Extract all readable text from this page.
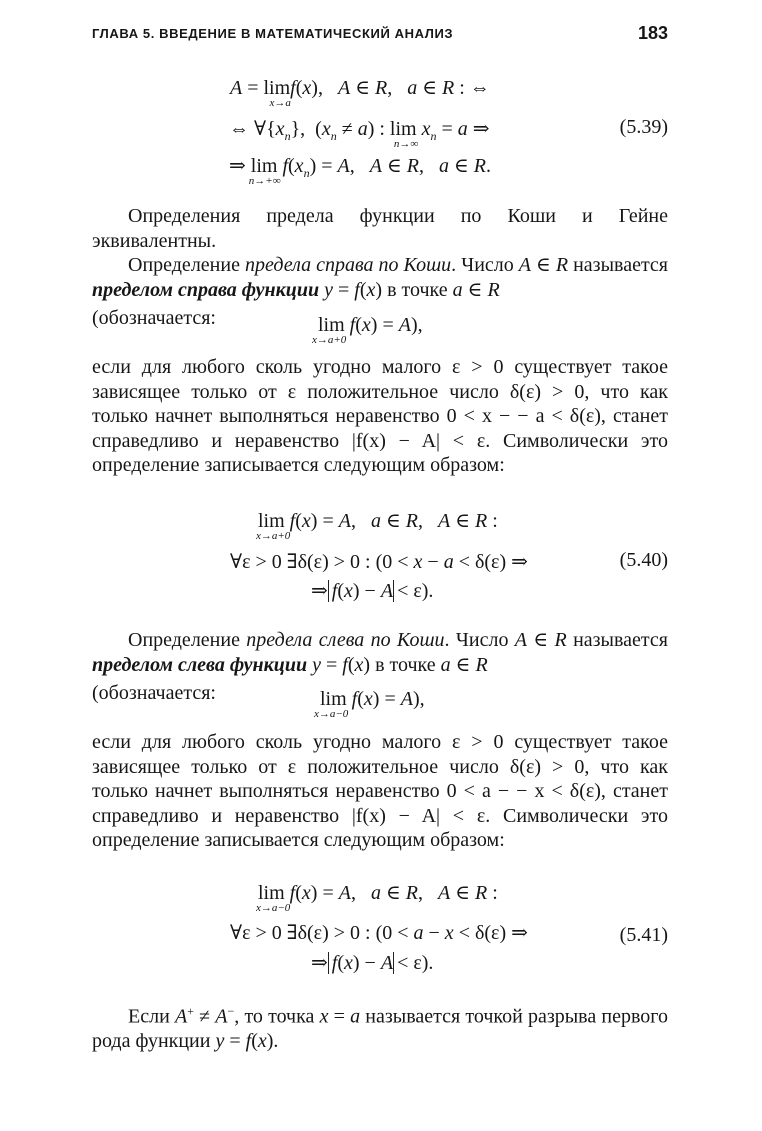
ГЛАВА 5. ВВЕДЕНИЕ В МАТЕМАТИЧЕСКИЙ АНАЛИЗ	183
A = lim
x→a
f(x),   A ∈ R,   a ∈ R : ⇔
⇔ $\forall\{x_n\}$,  $(x_n \ne a)$ : lim
n→∞
$x_n = a$ ⇒	(5.39)
⇒ lim
n→+∞
$f(x_n) = A$,   A ∈ R,   a ∈ R.
Определения предела функции по Коши и Гейне эквивалентны.
Определение предела справа по Коши. Число A ∈ R называется пределом справа функции y = f(x) в точке a ∈ R
(обозначается:	lim
x→a+0
f(x) = A),
если для любого сколь угодно малого ε > 0 существует такое зависящее только от ε положительное число δ(ε) > 0, что как только начнет выполняться неравенство 0 < x − − a < δ(ε), станет справедливо и неравенство |f(x) − A| < ε. Символически это определение записывается следующим образом:
lim
x→a+0
f(x) = A,   a ∈ R,   A ∈ R :
∀ε > 0 ∃δ(ε) > 0 : (0 < x − a < δ(ε) ⇒	(5.40)
⇒ f(x) − A < ε).
Определение предела слева по Коши. Число A ∈ R называется пределом слева функции y = f(x) в точке a ∈ R
(обозначается:	lim
x→a−0
f(x) = A),
если для любого сколь угодно малого ε > 0 существует такое зависящее только от ε положительное число δ(ε) > 0, что как только начнет выполняться неравенство 0 < a − − x < δ(ε), станет справедливо и неравенство |f(x) − A| < ε. Символически это определение записывается следующим образом:
lim
x→a−0
f(x) = A,   a ∈ R,   A ∈ R :
∀ε > 0 ∃δ(ε) > 0 : (0 < a − x < δ(ε) ⇒	(5.41)
⇒ f(x) − A < ε).
Если A+ ≠ A−, то точка x = a называется точкой разрыва первого рода функции y = f(x).
